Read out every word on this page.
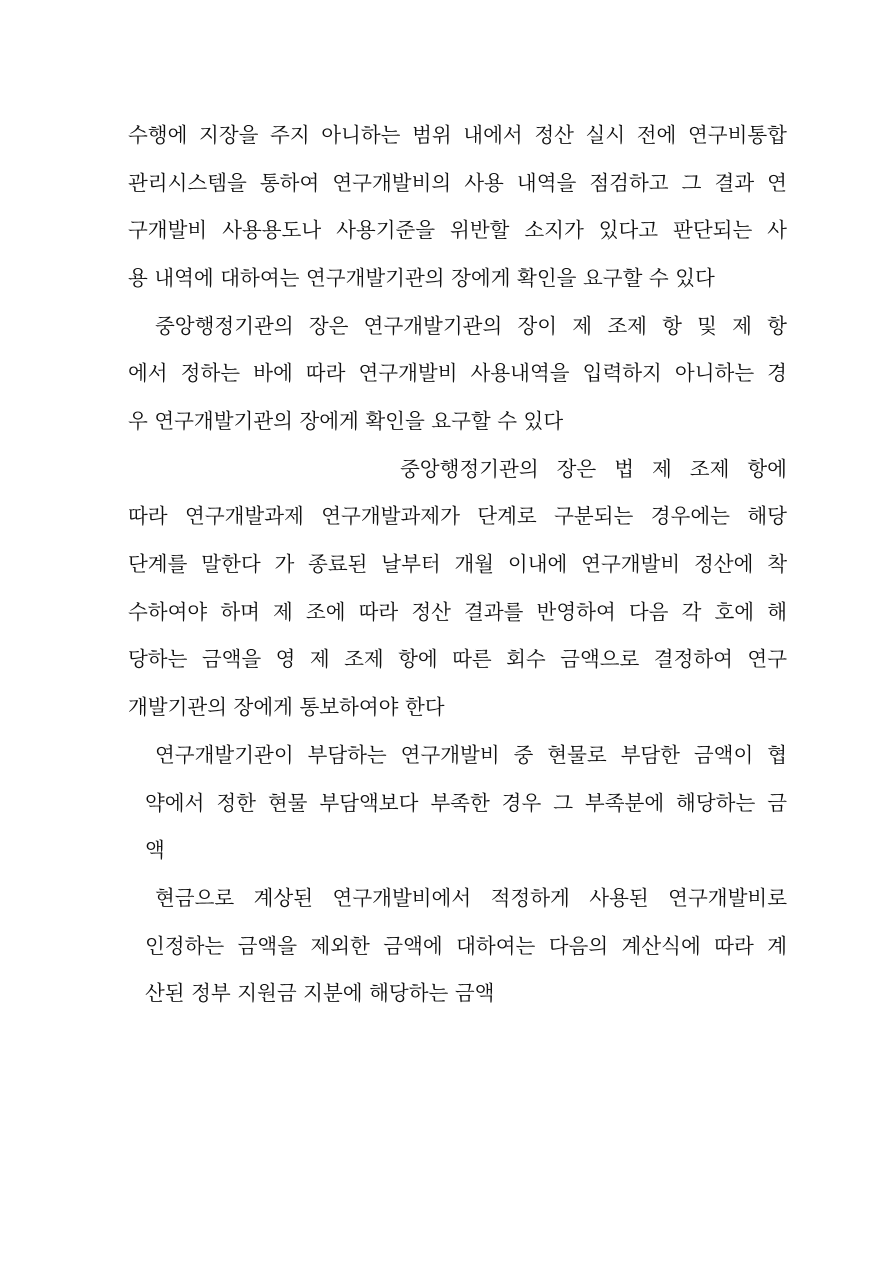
수행에 지장을 주지 아니하는 범위 내에서 정산 실시 전에 연구비통합
관리시스템을 통하여 연구개발비의 사용 내역을 점검하고 그 결과 연
구개발비 사용용도나 사용기준을 위반할 소지가 있다고 판단되는 사
용 내역에 대하여는 연구개발기관의 장에게 확인을 요구할 수 있다
중앙행정기관의 장은 연구개발기관의 장이 제 조제 항 및 제 항
에서 정하는 바에 따라 연구개발비 사용내역을 입력하지 아니하는 경
우 연구개발기관의 장에게 확인을 요구할 수 있다
중앙행정기관의 장은 법 제 조제 항에
따라 연구개발과제 연구개발과제가 단계로 구분되는 경우에는 해당
단계를 말한다 가 종료된 날부터 개월 이내에 연구개발비 정산에 착
수하여야 하며 제 조에 따라 정산 결과를 반영하여 다음 각 호에 해
당하는 금액을 영 제 조제 항에 따른 회수 금액으로 결정하여 연구
개발기관의 장에게 통보하여야 한다
연구개발기관이 부담하는 연구개발비 중 현물로 부담한 금액이 협
약에서 정한 현물 부담액보다 부족한 경우 그 부족분에 해당하는 금
액
현금으로 계상된 연구개발비에서 적정하게 사용된 연구개발비로
인정하는 금액을 제외한 금액에 대하여는 다음의 계산식에 따라 계
산된 정부 지원금 지분에 해당하는 금액
